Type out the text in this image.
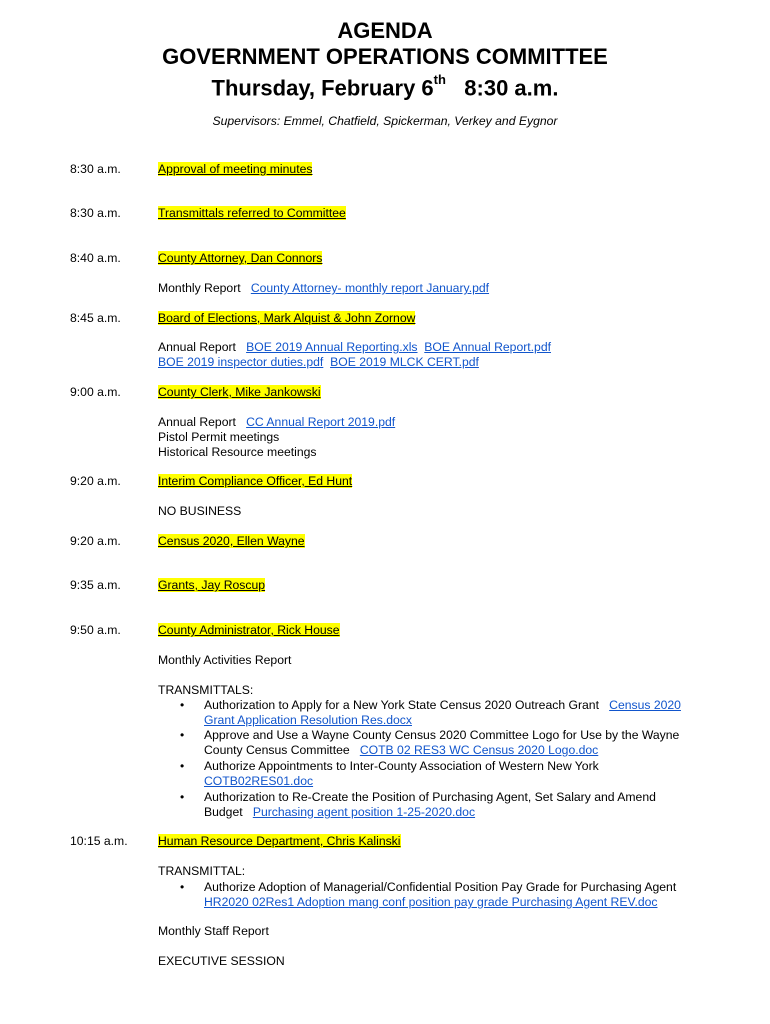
AGENDA
GOVERNMENT OPERATIONS COMMITTEE
Thursday, February 6th 8:30 a.m.
Supervisors: Emmel, Chatfield, Spickerman, Verkey and Eygnor
8:30 a.m.	Approval of meeting minutes
8:30 a.m.	Transmittals referred to Committee
8:40 a.m.	County Attorney, Dan Connors
Monthly Report County Attorney- monthly report January.pdf
8:45 a.m.	Board of Elections, Mark Alquist & John Zornow
Annual Report BOE 2019 Annual Reporting.xls BOE Annual Report.pdf
BOE 2019 inspector duties.pdf BOE 2019 MLCK CERT.pdf
9:00 a.m.	County Clerk, Mike Jankowski
Annual Report CC Annual Report 2019.pdf
Pistol Permit meetings
Historical Resource meetings
9:20 a.m.	Interim Compliance Officer, Ed Hunt
NO BUSINESS
9:20 a.m.	Census 2020, Ellen Wayne
9:35 a.m.	Grants, Jay Roscup
9:50 a.m.	County Administrator, Rick House
Monthly Activities Report
TRANSMITTALS:
• Authorization to Apply for a New York State Census 2020 Outreach Grant Census 2020
Grant Application Resolution Res.docx
• Approve and Use a Wayne County Census 2020 Committee Logo for Use by the Wayne
County Census Committee COTB 02 RES3 WC Census 2020 Logo.doc
• Authorize Appointments to Inter-County Association of Western New York
COTB02RES01.doc
• Authorization to Re-Create the Position of Purchasing Agent, Set Salary and Amend
Budget Purchasing agent position 1-25-2020.doc
10:15 a.m. Human Resource Department, Chris Kalinski
TRANSMITTAL:
• Authorize Adoption of Managerial/Confidential Position Pay Grade for Purchasing Agent
HR2020 02Res1 Adoption mang conf position pay grade Purchasing Agent REV.doc
Monthly Staff Report
EXECUTIVE SESSION
